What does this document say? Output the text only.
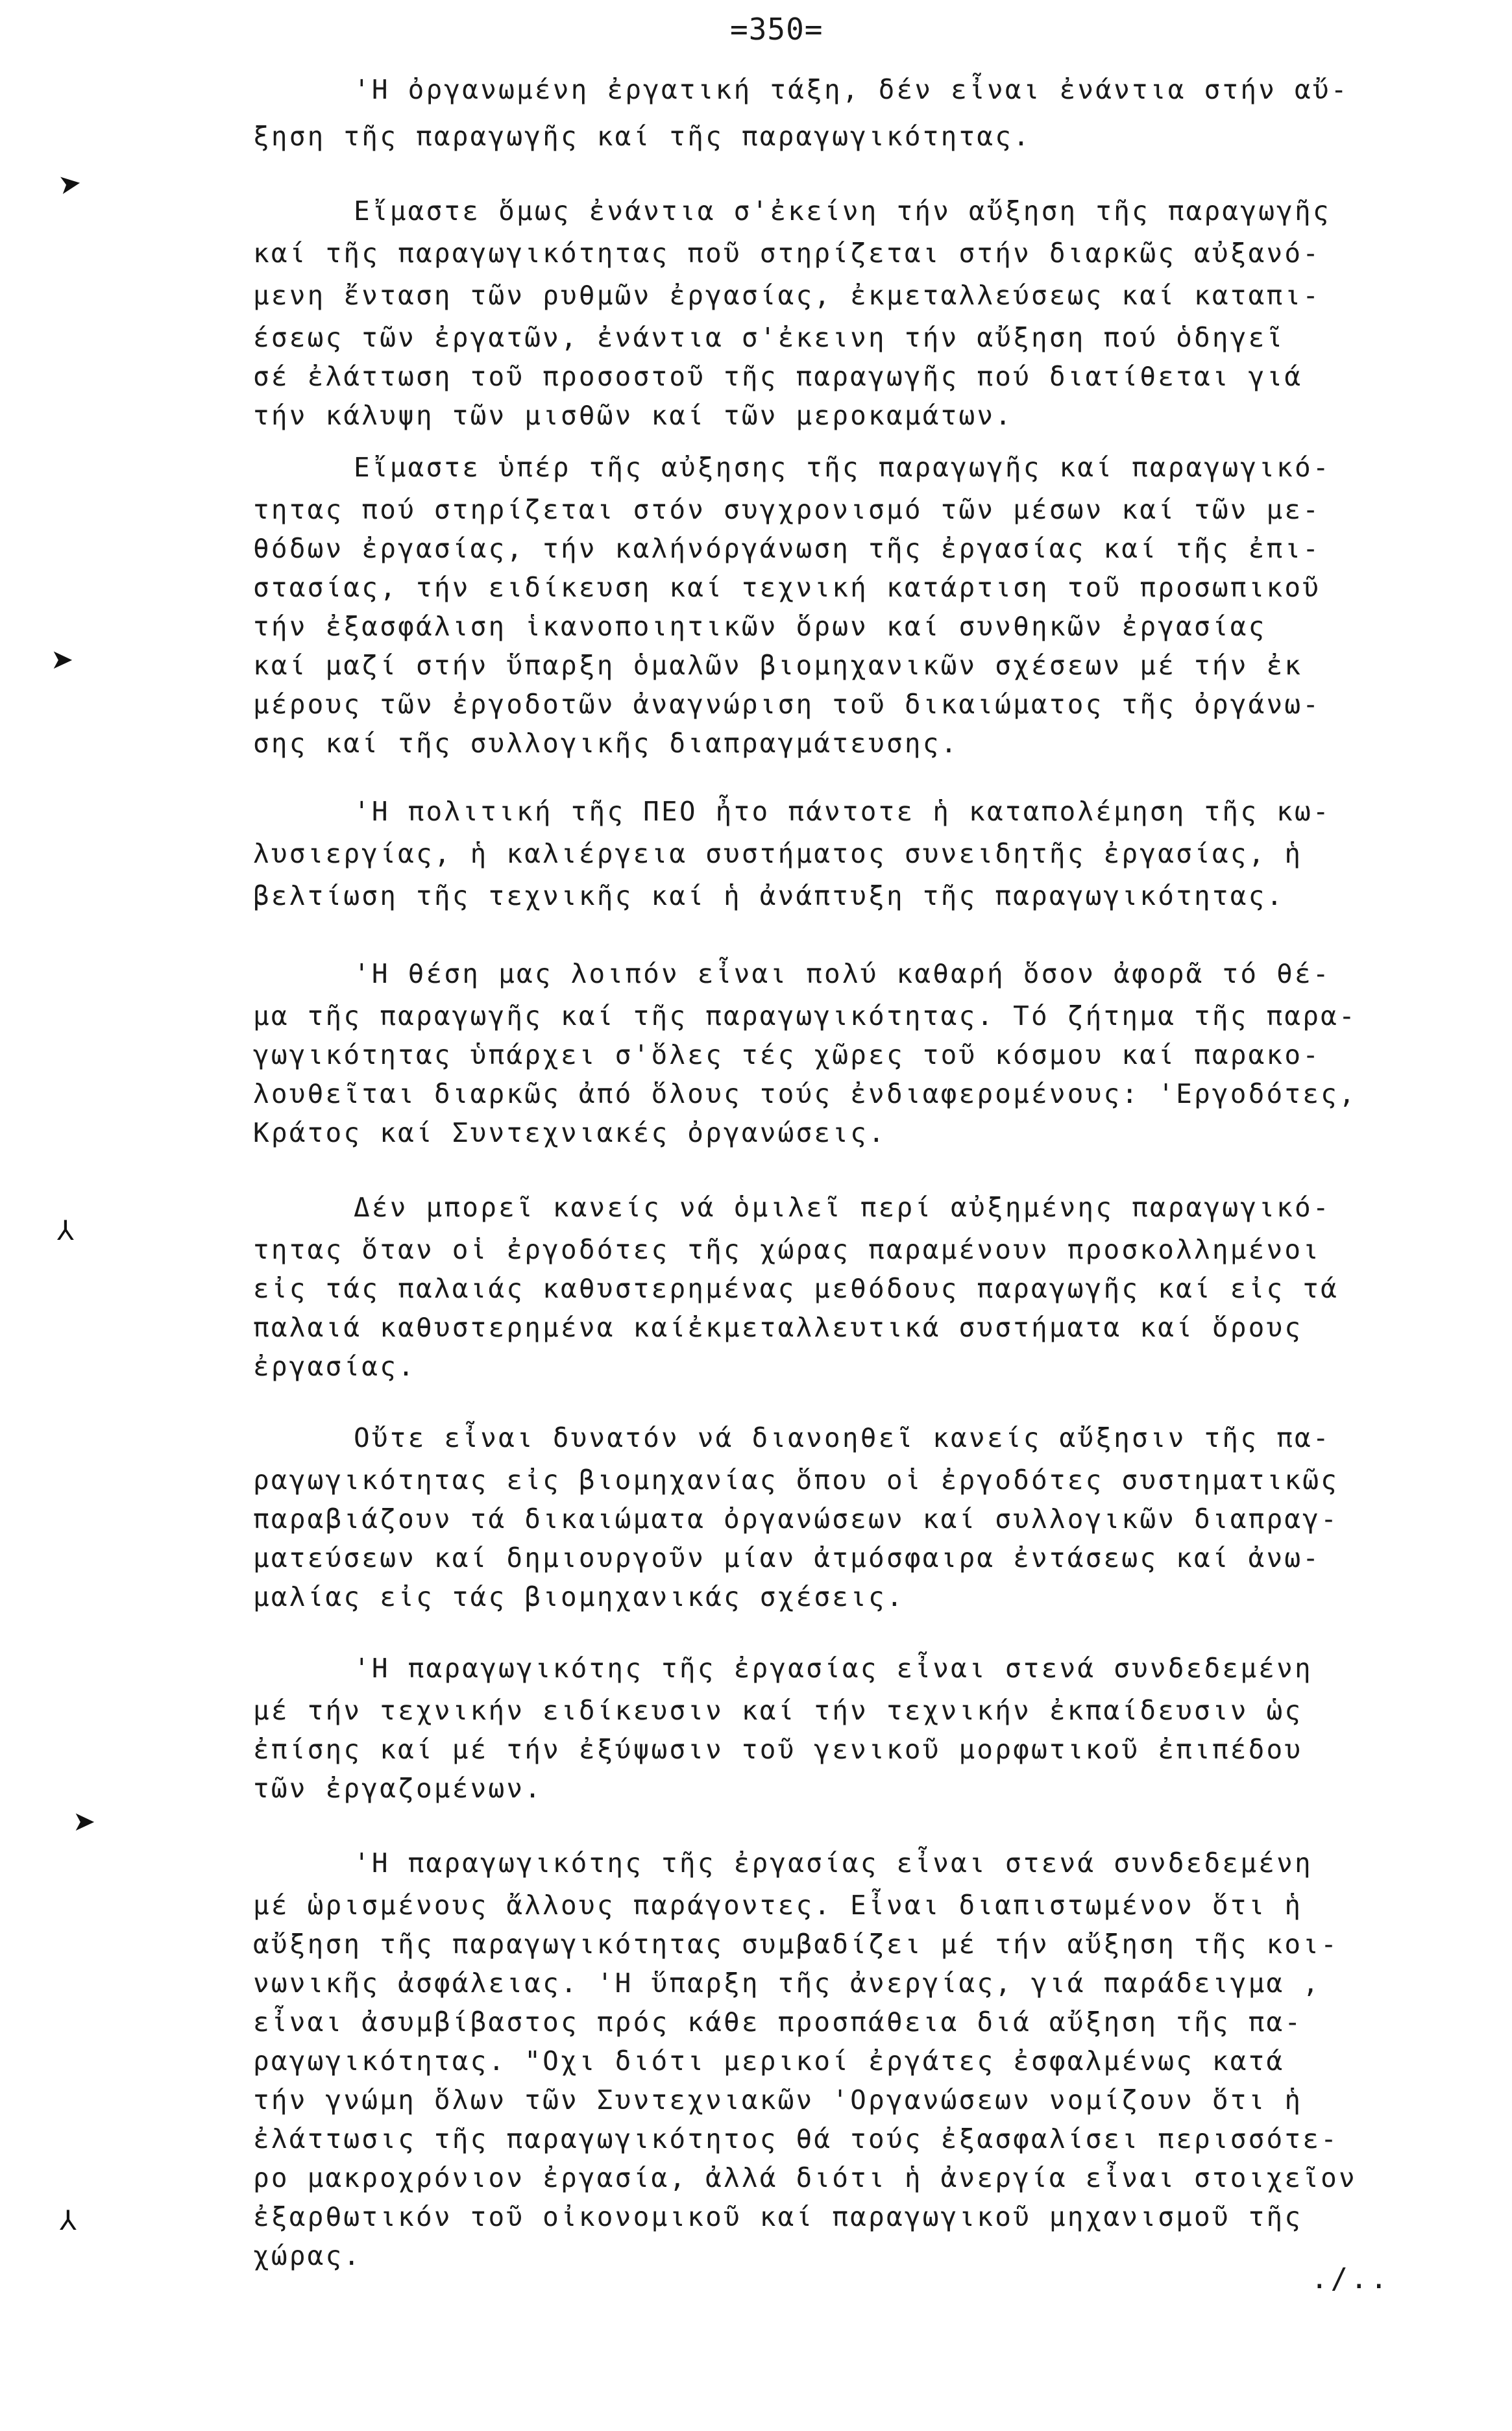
=350=
'Η ὀργανωμένη ἐργατική τάξη, δέν εἶναι ἐνάντια στήν αὔ-
ξηση τῆς παραγωγῆς καί τῆς παραγωγικότητας.
Εἴμαστε ὅμως ἐνάντια σ'ἐκείνη τήν αὔξηση τῆς παραγωγῆς
καί τῆς παραγωγικότητας ποῦ στηρίζεται στήν διαρκῶς αὐξανό-
μενη ἔνταση τῶν ρυθμῶν ἐργασίας, ἐκμεταλλεύσεως καί καταπι-
έσεως τῶν ἐργατῶν, ἐνάντια σ'ἐκεινη τήν αὔξηση πού ὁδηγεῖ
σέ ἐλάττωση τοῦ προσοστοῦ τῆς παραγωγῆς πού διατίθεται γιά
τήν κάλυψη τῶν μισθῶν καί τῶν μεροκαμάτων.
Εἴμαστε ὑπέρ τῆς αὐξησης τῆς παραγωγῆς καί παραγωγικό-
τητας πού στηρίζεται στόν συγχρονισμό τῶν μέσων καί τῶν με-
θόδων ἐργασίας, τήν καλήνόργάνωση τῆς ἐργασίας καί τῆς ἐπι-
στασίας, τήν ειδίκευση καί τεχνική κατάρτιση τοῦ προσωπικοῦ
τήν ἐξασφάλιση ἱκανοποιητικῶν ὅρων καί συνθηκῶν ἐργασίας
καί μαζί στήν ὕπαρξη ὁμαλῶν βιομηχανικῶν σχέσεων μέ τήν ἐκ
μέρους τῶν ἐργοδοτῶν ἀναγνώριση τοῦ δικαιώματος τῆς ὀργάνω-
σης καί τῆς συλλογικῆς διαπραγμάτευσης.
'Η πολιτική τῆς ΠΕΟ ἦτο πάντοτε ἡ καταπολέμηση τῆς κω-
λυσιεργίας, ἡ καλιέργεια συστήματος συνειδητῆς ἐργασίας, ἡ
βελτίωση τῆς τεχνικῆς καί ἡ ἀνάπτυξη τῆς παραγωγικότητας.
'Η θέση μας λοιπόν εἶναι πολύ καθαρή ὅσον ἀφορᾶ τό θέ-
μα τῆς παραγωγῆς καί τῆς παραγωγικότητας. Τό ζήτημα τῆς παρα-
γωγικότητας ὑπάρχει σ'ὅλες τές χῶρες τοῦ κόσμου καί παρακο-
λουθεῖται διαρκῶς ἀπό ὅλους τούς ἐνδιαφερομένους: 'Εργοδότες,
Κράτος καί Συντεχνιακές ὀργανώσεις.
Δέν μπορεῖ κανείς νά ὁμιλεῖ περί αὐξημένης παραγωγικό-
τητας ὅταν οἱ ἐργοδότες τῆς χώρας παραμένουν προσκολλημένοι
εἰς τάς παλαιάς καθυστερημένας μεθόδους παραγωγῆς καί εἰς τά
παλαιά καθυστερημένα καίἐκμεταλλευτικά συστήματα καί ὅρους
ἐργασίας.
Οὔτε εἶναι δυνατόν νά διανοηθεῖ κανείς αὔξησιν τῆς πα-
ραγωγικότητας εἰς βιομηχανίας ὅπου οἱ ἐργοδότες συστηματικῶς
παραβιάζουν τά δικαιώματα ὀργανώσεων καί συλλογικῶν διαπραγ-
ματεύσεων καί δημιουργοῦν μίαν ἀτμόσφαιρα ἐντάσεως καί ἀνω-
μαλίας εἰς τάς βιομηχανικάς σχέσεις.
'Η παραγωγικότης τῆς ἐργασίας εἶναι στενά συνδεδεμένη
μέ τήν τεχνικήν ειδίκευσιν καί τήν τεχνικήν ἐκπαίδευσιν ὡς
ἐπίσης καί μέ τήν ἐξύψωσιν τοῦ γενικοῦ μορφωτικοῦ ἐπιπέδου
τῶν ἐργαζομένων.
'Η παραγωγικότης τῆς ἐργασίας εἶναι στενά συνδεδεμένη
μέ ὡρισμένους ἄλλους παράγοντες. Εἶναι διαπιστωμένον ὅτι ἡ
αὔξηση τῆς παραγωγικότητας συμβαδίζει μέ τήν αὔξηση τῆς κοι-
νωνικῆς ἀσφάλειας. 'Η ὕπαρξη τῆς ἀνεργίας, γιά παράδειγμα ,
εἶναι ἀσυμβίβαστος πρός κάθε προσπάθεια διά αὔξηση τῆς πα-
ραγωγικότητας. "Οχι διότι μερικοί ἐργάτες ἐσφαλμένως κατά
τήν γνώμη ὅλων τῶν Συντεχνιακῶν 'Οργανώσεων νομίζουν ὅτι ἡ
ἐλάττωσις τῆς παραγωγικότητος θά τούς ἐξασφαλίσει περισσότε-
ρο μακροχρόνιον ἐργασία, ἀλλά διότι ἡ ἀνεργία εἶναι στοιχεῖον
ἐξαρθωτικόν τοῦ οἰκονομικοῦ καί παραγωγικοῦ μηχανισμοῦ τῆς
χώρας.
./..
➤
➤
⅄
➤
⅄
